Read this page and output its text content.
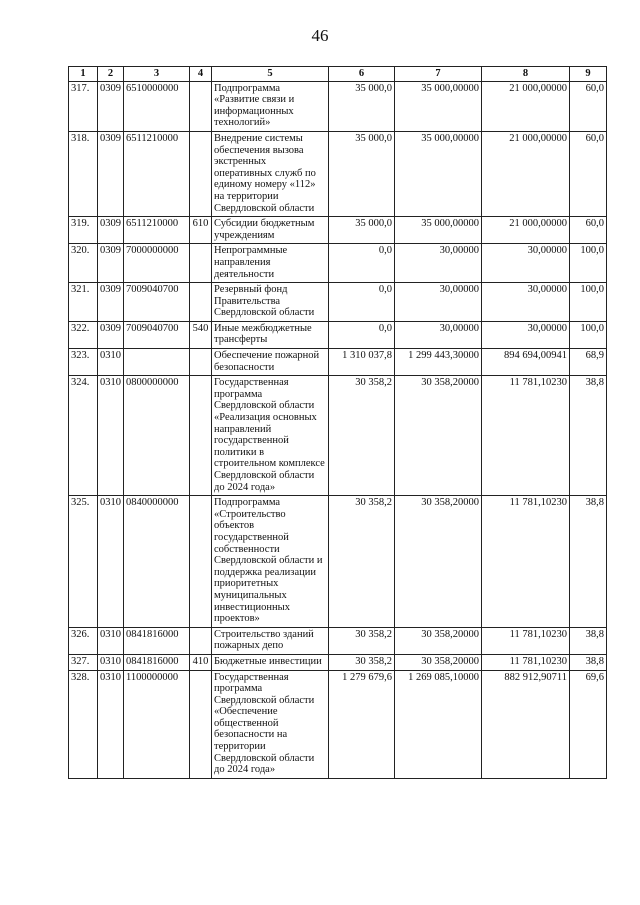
46
1	2	3	4	5	6	7	8	9
317.	0309	6510000000		Подпрограмма «Развитие связи и информационных технологий»	35 000,0	35 000,00000	21 000,00000	60,0
318.	0309	6511210000		Внедрение системы обеспечения вызова экстренных оперативных служб по единому номеру «112» на территории Свердловской области	35 000,0	35 000,00000	21 000,00000	60,0
319.	0309	6511210000	610	Субсидии бюджетным учреждениям	35 000,0	35 000,00000	21 000,00000	60,0
320.	0309	7000000000		Непрограммные направления деятельности	0,0	30,00000	30,00000	100,0
321.	0309	7009040700		Резервный фонд Правительства Свердловской области	0,0	30,00000	30,00000	100,0
322.	0309	7009040700	540	Иные межбюджетные трансферты	0,0	30,00000	30,00000	100,0
323.	0310			Обеспечение пожарной безопасности	1 310 037,8	1 299 443,30000	894 694,00941	68,9
324.	0310	0800000000		Государственная программа Свердловской области «Реализация основных направлений государственной политики в строительном комплексе Свердловской области до 2024 года»	30 358,2	30 358,20000	11 781,10230	38,8
325.	0310	0840000000		Подпрограмма «Строительство объектов государственной собственности Свердловской области и поддержка реализации приоритетных муниципальных инвестиционных проектов»	30 358,2	30 358,20000	11 781,10230	38,8
326.	0310	0841816000		Строительство зданий пожарных депо	30 358,2	30 358,20000	11 781,10230	38,8
327.	0310	0841816000	410	Бюджетные инвестиции	30 358,2	30 358,20000	11 781,10230	38,8
328.	0310	1100000000		Государственная программа Свердловской области «Обеспечение общественной безопасности на территории Свердловской области до 2024 года»	1 279 679,6	1 269 085,10000	882 912,90711	69,6
